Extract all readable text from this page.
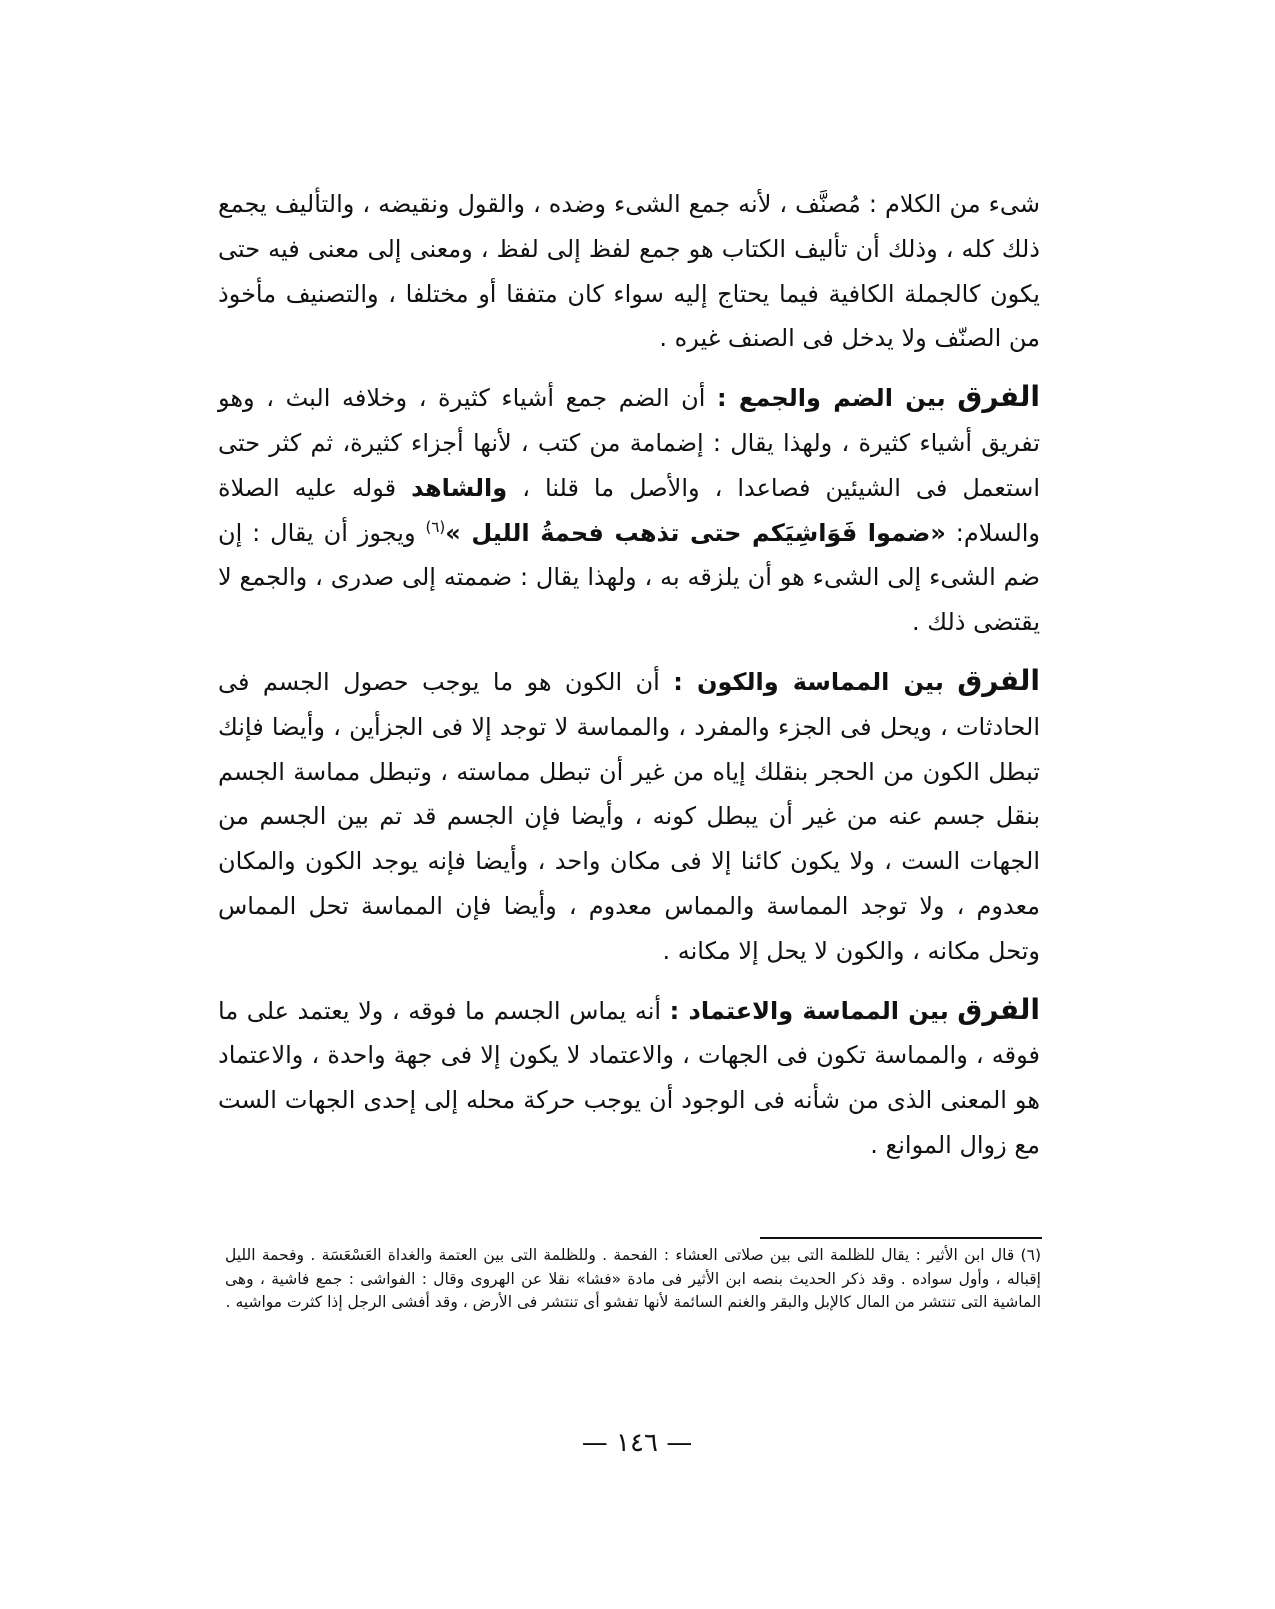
شىء من الكلام : مُصنَّف ، لأنه جمع الشىء وضده ، والقول ونقيضه ، والتأليف يجمع ذلك كله ، وذلك أن تأليف الكتاب هو جمع لفظ إلى لفظ ، ومعنى إلى معنى فيه حتى يكون كالجملة الكافية فيما يحتاج إليه سواء كان متفقا أو مختلفا ، والتصنيف مأخوذ من الصنّف ولا يدخل فى الصنف غيره .

الفرق بين الضم والجمع : أن الضم جمع أشياء كثيرة ، وخلافه البث ، وهو تفريق أشياء كثيرة ، ولهذا يقال : إضمامة من كتب ، لأنها أجزاء كثيرة، ثم كثر حتى استعمل فى الشيئين فصاعدا ، والأصل ما قلنا ، والشاهد قوله عليه الصلاة والسلام: «ضموا فَوَاشِيَكم حتى تذهب فحمةُ الليل »$^{(٦)}$ ويجوز أن يقال : إن ضم الشىء إلى الشىء هو أن يلزقه به ، ولهذا يقال : ضممته إلى صدرى ، والجمع لا يقتضى ذلك .

الفرق بين المماسة والكون : أن الكون هو ما يوجب حصول الجسم فى الحادثات ، ويحل فى الجزء والمفرد ، والمماسة لا توجد إلا فى الجزأين ، وأيضا فإنك تبطل الكون من الحجر بنقلك إياه من غير أن تبطل مماسته ، وتبطل مماسة الجسم بنقل جسم عنه من غير أن يبطل كونه ، وأيضا فإن الجسم قد تم بين الجسم من الجهات الست ، ولا يكون كائنا إلا فى مكان واحد ، وأيضا فإنه يوجد الكون والمكان معدوم ، ولا توجد المماسة والمماس معدوم ، وأيضا فإن المماسة تحل المماس وتحل مكانه ، والكون لا يحل إلا مكانه .

الفرق بين المماسة والاعتماد : أنه يماس الجسم ما فوقه ، ولا يعتمد على ما فوقه ، والمماسة تكون فى الجهات ، والاعتماد لا يكون إلا فى جهة واحدة ، والاعتماد هو المعنى الذى من شأنه فى الوجود أن يوجب حركة محله إلى إحدى الجهات الست مع زوال الموانع .

(٦) قال ابن الأثير : يقال للظلمة التى بين صلاتى العشاء : الفحمة . وللظلمة التى بين العتمة والغداة العَسْعَسَة . وفحمة الليل إقباله ، وأول سواده . وقد ذكر الحديث بنصه ابن الأثير فى مادة «فشا» نقلا عن الهروى وقال : الفواشى : جمع فاشية ، وهى الماشية التى تنتشر من المال كالإبل والبقر والغنم السائمة لأنها تفشو أى تنتشر فى الأرض ، وقد أفشى الرجل إذا كثرت مواشيه .

— ١٤٦ —
